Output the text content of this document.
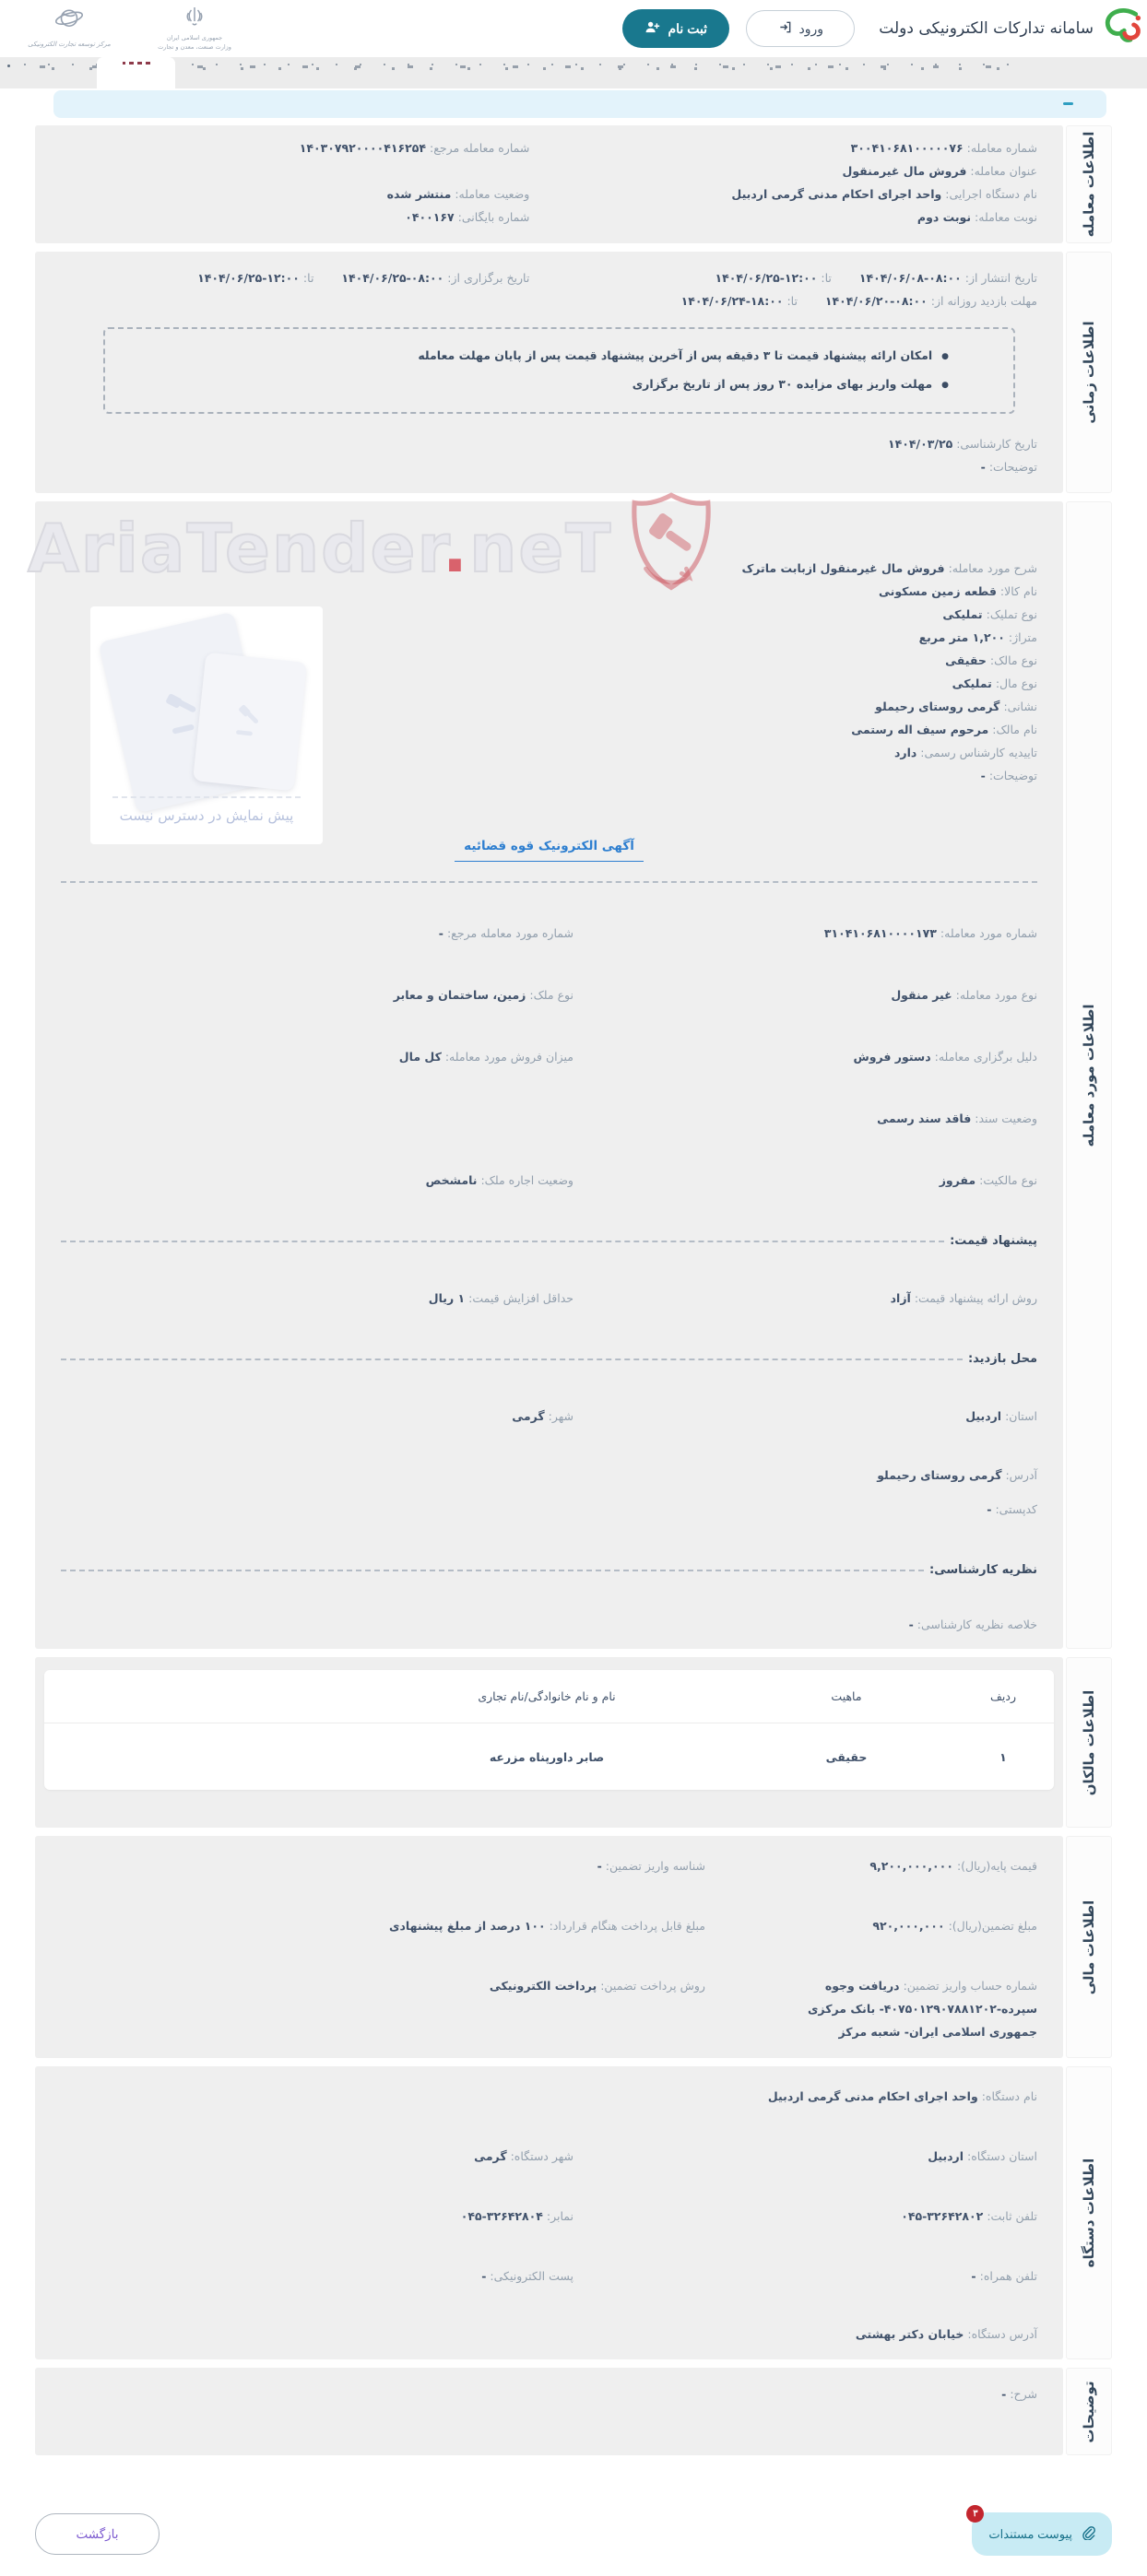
سامانه تدارکات الکترونیکی دولت
ورود
ثبت نام
جمهوری اسلامی ایران
وزارت صنعت، معدن و تجارت
مرکز توسعه تجارت الکترونیکی
اطلاعات معامله
شماره معامله: ۳۰۰۴۱۰۶۸۱۰۰۰۰۰۷۶
شماره معامله مرجع: ۱۴۰۳۰۷۹۲۰۰۰۰۴۱۶۲۵۴
عنوان معامله: فروش مال غیرمنقول
نام دستگاه اجرایی: واحد اجرای احکام مدنی گرمی اردبیل
وضعیت معامله: منتشر شده
نوبت معامله: نوبت دوم
شماره بایگانی: ۰۴۰۰۱۶۷
اطلاعات زمانی
تاریخ انتشار از: ۱۴۰۴/۰۶/۰۸-۰۸:۰۰ تا: ۱۴۰۴/۰۶/۲۵-۱۲:۰۰
تاریخ برگزاری از: ۱۴۰۴/۰۶/۲۵-۰۸:۰۰ تا: ۱۴۰۴/۰۶/۲۵-۱۲:۰۰
مهلت بازدید روزانه از: ۱۴۰۴/۰۶/۲۰-۰۸:۰۰ تا: ۱۴۰۴/۰۶/۲۴-۱۸:۰۰
●امکان ارائه پیشنهاد قیمت تا ۳ دقیقه پس از آخرین پیشنهاد قیمت پس از پایان مهلت معامله
●مهلت واریز بهای مزایده ۳۰ روز پس از تاریخ برگزاری
تاریخ کارشناسی: ۱۴۰۴/۰۳/۲۵
توضیحات: -
اطلاعات مورد معامله
AriaTender.neT
پیش نمایش در دسترس نیست
شرح مورد معامله: فروش مال غیرمنقول ازبابت ماترک
نام کالا: قطعه زمین مسکونی
نوع تملیک: تملیکی
متراژ: ۱,۲۰۰ متر مربع
نوع مالک: حقیقی
نوع مال: تملیکی
نشانی: گرمی روستای رحیملو
نام مالک: مرحوم سیف اله رستمی
تاییدیه کارشناس رسمی: دارد
توضیحات: -
آگهی الکترونیک قوه قضائیه
شماره مورد معامله: ۳۱۰۴۱۰۶۸۱۰۰۰۰۱۷۳
شماره مورد معامله مرجع: -
نوع مورد معامله: غیر منقول
نوع ملک: زمین، ساختمان و معابر
دلیل برگزاری معامله: دستور فروش
میزان فروش مورد معامله: کل مال
وضعیت سند: فاقد سند رسمی
نوع مالکیت: مفروز
وضعیت اجاره ملک: نامشخص
پیشنهاد قیمت:
روش ارائه پیشنهاد قیمت: آزاد
حداقل افزایش قیمت: ۱ ریال
محل بازدید:
استان: اردبیل
شهر: گرمی
آدرس: گرمی روستای رحیملو
کدپستی: -
نظریه کارشناسی:
خلاصه نظریه کارشناسی: -
اطلاعات مالکان
ردیف
ماهیت
نام و نام خانوادگی/نام تجاری
۱
حقیقی
صابر داورپناه مزرعه
اطلاعات مالی
قیمت پایه(ریال): ۹,۲۰۰,۰۰۰,۰۰۰
شناسه واریز تضمین: -
مبلغ تضمین(ریال): ۹۲۰,۰۰۰,۰۰۰
مبلغ قابل پرداخت هنگام قرارداد: ۱۰۰ درصد از مبلغ پیشنهادی
شماره حساب واریز تضمین: دریافت وجوه سپرده-۴۰۷۵۰۱۲۹۰۷۸۸۱۲۰۲- بانک مرکزی جمهوری اسلامی ایران- شعبه مرکز
روش پرداخت تضمین: پرداخت الکترونیکی
اطلاعات دستگاه
نام دستگاه: واحد اجرای احکام مدنی گرمی اردبیل
استان دستگاه: اردبیل
شهر دستگاه: گرمی
تلفن ثابت: ۰۴۵-۳۲۶۴۲۸۰۲
نمابر: ۰۴۵-۳۲۶۴۲۸۰۴
تلفن همراه: -
پست الکترونیکی: -
آدرس دستگاه: خیابان دکتر بهشتی
توضیحات
شرح: -
۳
پیوست مستندات
بازگشت
